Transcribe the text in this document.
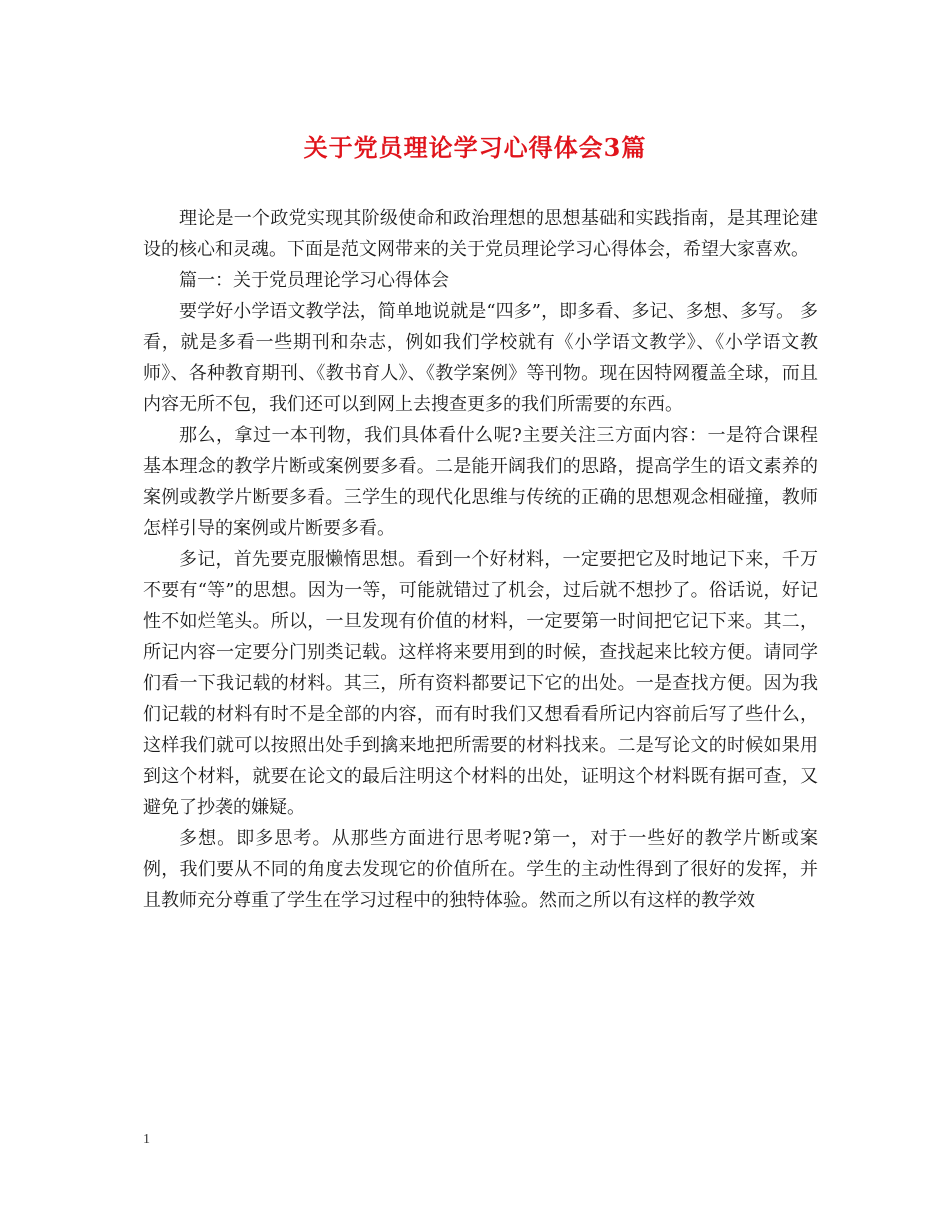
关于党员理论学习心得体会3篇

理论是一个政党实现其阶级使命和政治理想的思想基础和实践指南，是其理论建设的核心和灵魂。下面是范文网带来的关于党员理论学习心得体会，希望大家喜欢。

篇一：关于党员理论学习心得体会

要学好小学语文教学法，简单地说就是“四多”，即多看、多记、多想、多写。 多看，就是多看一些期刊和杂志，例如我们学校就有《小学语文教学》、《小学语文教师》、各种教育期刊、《教书育人》、《教学案例》等刊物。现在因特网覆盖全球，而且内容无所不包，我们还可以到网上去搜查更多的我们所需要的东西。

那么，拿过一本刊物，我们具体看什么呢?主要关注三方面内容：一是符合课程基本理念的教学片断或案例要多看。二是能开阔我们的思路，提高学生的语文素养的案例或教学片断要多看。三学生的现代化思维与传统的正确的思想观念相碰撞，教师怎样引导的案例或片断要多看。

多记，首先要克服懒惰思想。看到一个好材料，一定要把它及时地记下来，千万不要有“等”的思想。因为一等，可能就错过了机会，过后就不想抄了。俗话说，好记性不如烂笔头。所以，一旦发现有价值的材料，一定要第一时间把它记下来。其二，所记内容一定要分门别类记载。这样将来要用到的时候，查找起来比较方便。请同学们看一下我记载的材料。其三，所有资料都要记下它的出处。一是查找方便。因为我们记载的材料有时不是全部的内容，而有时我们又想看看所记内容前后写了些什么，这样我们就可以按照出处手到擒来地把所需要的材料找来。二是写论文的时候如果用到这个材料，就要在论文的最后注明这个材料的出处，证明这个材料既有据可查，又避免了抄袭的嫌疑。

多想。即多思考。从那些方面进行思考呢?第一，对于一些好的教学片断或案例，我们要从不同的角度去发现它的价值所在。学生的主动性得到了很好的发挥，并且教师充分尊重了学生在学习过程中的独特体验。然而之所以有这样的教学效

1
